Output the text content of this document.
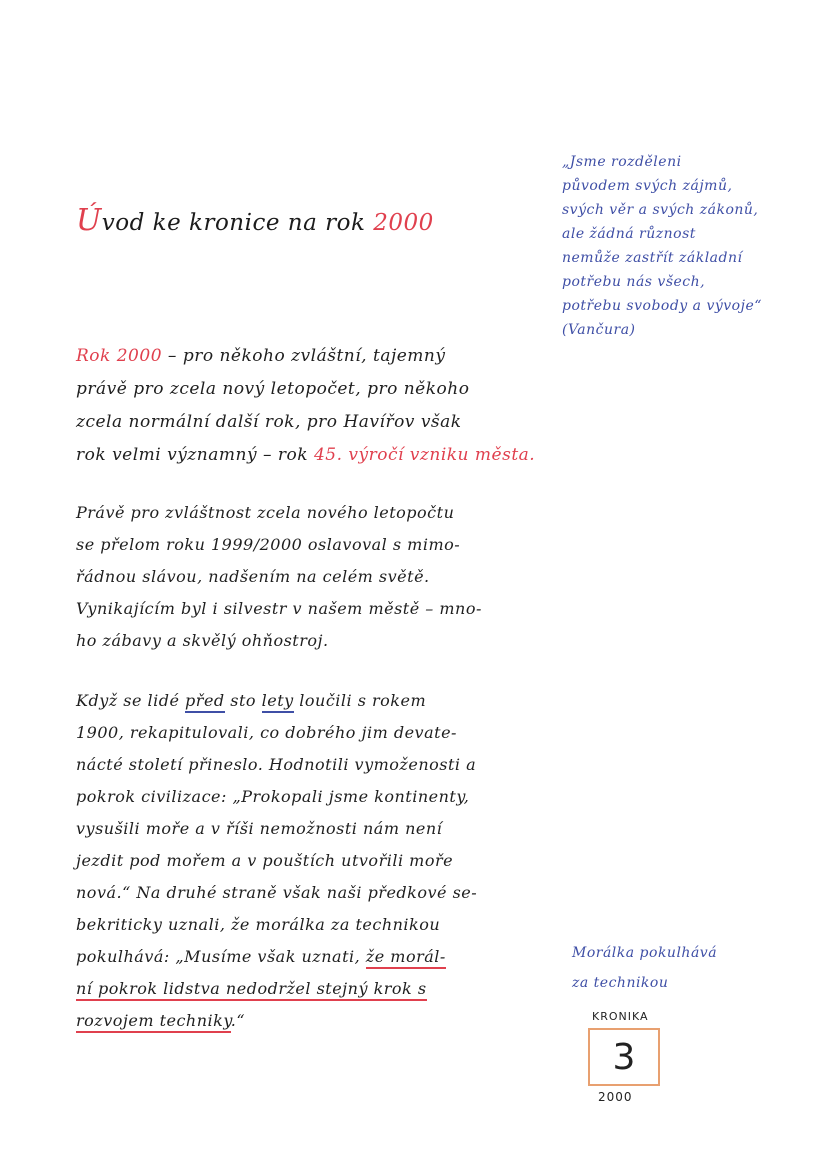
„Jsme rozděleni
původem svých zájmů,
svých věr a svých zákonů,
ale žádná různost
nemůže zastřít základní
potřebu nás všech,
potřebu svobody a vývoje“
(Vančura)
Úvod ke kronice na rok 2000
Rok 2000 – pro někoho zvláštní, tajemný
právě pro zcela nový letopočet, pro někoho
zcela normální další rok, pro Havířov však
rok velmi významný – rok 45. výročí vzniku města.
Právě pro zvláštnost zcela nového letopočtu
se přelom roku 1999/2000 oslavoval s mimo-
řádnou slávou, nadšením na celém světě.
Vynikajícím byl i silvestr v našem městě – mno-
ho zábavy a skvělý ohňostroj.
Když se lidé před sto lety loučili s rokem
1900, rekapitulovali, co dobrého jim devate-
nácté století přineslo. Hodnotili vymoženosti a
pokrok civilizace: „Prokopali jsme kontinenty,
vysušili moře a v říši nemožnosti nám není
jezdit pod mořem a v pouštích utvořili moře
nová.“ Na druhé straně však naši předkové se-
bekriticky uznali, že morálka za technikou
pokulhává: „Musíme však uznati, že morál-
ní pokrok lidstva nedodržel stejný krok s
rozvojem techniky.“
Morálka pokulhává
za technikou
KRONIKA
3
2000
